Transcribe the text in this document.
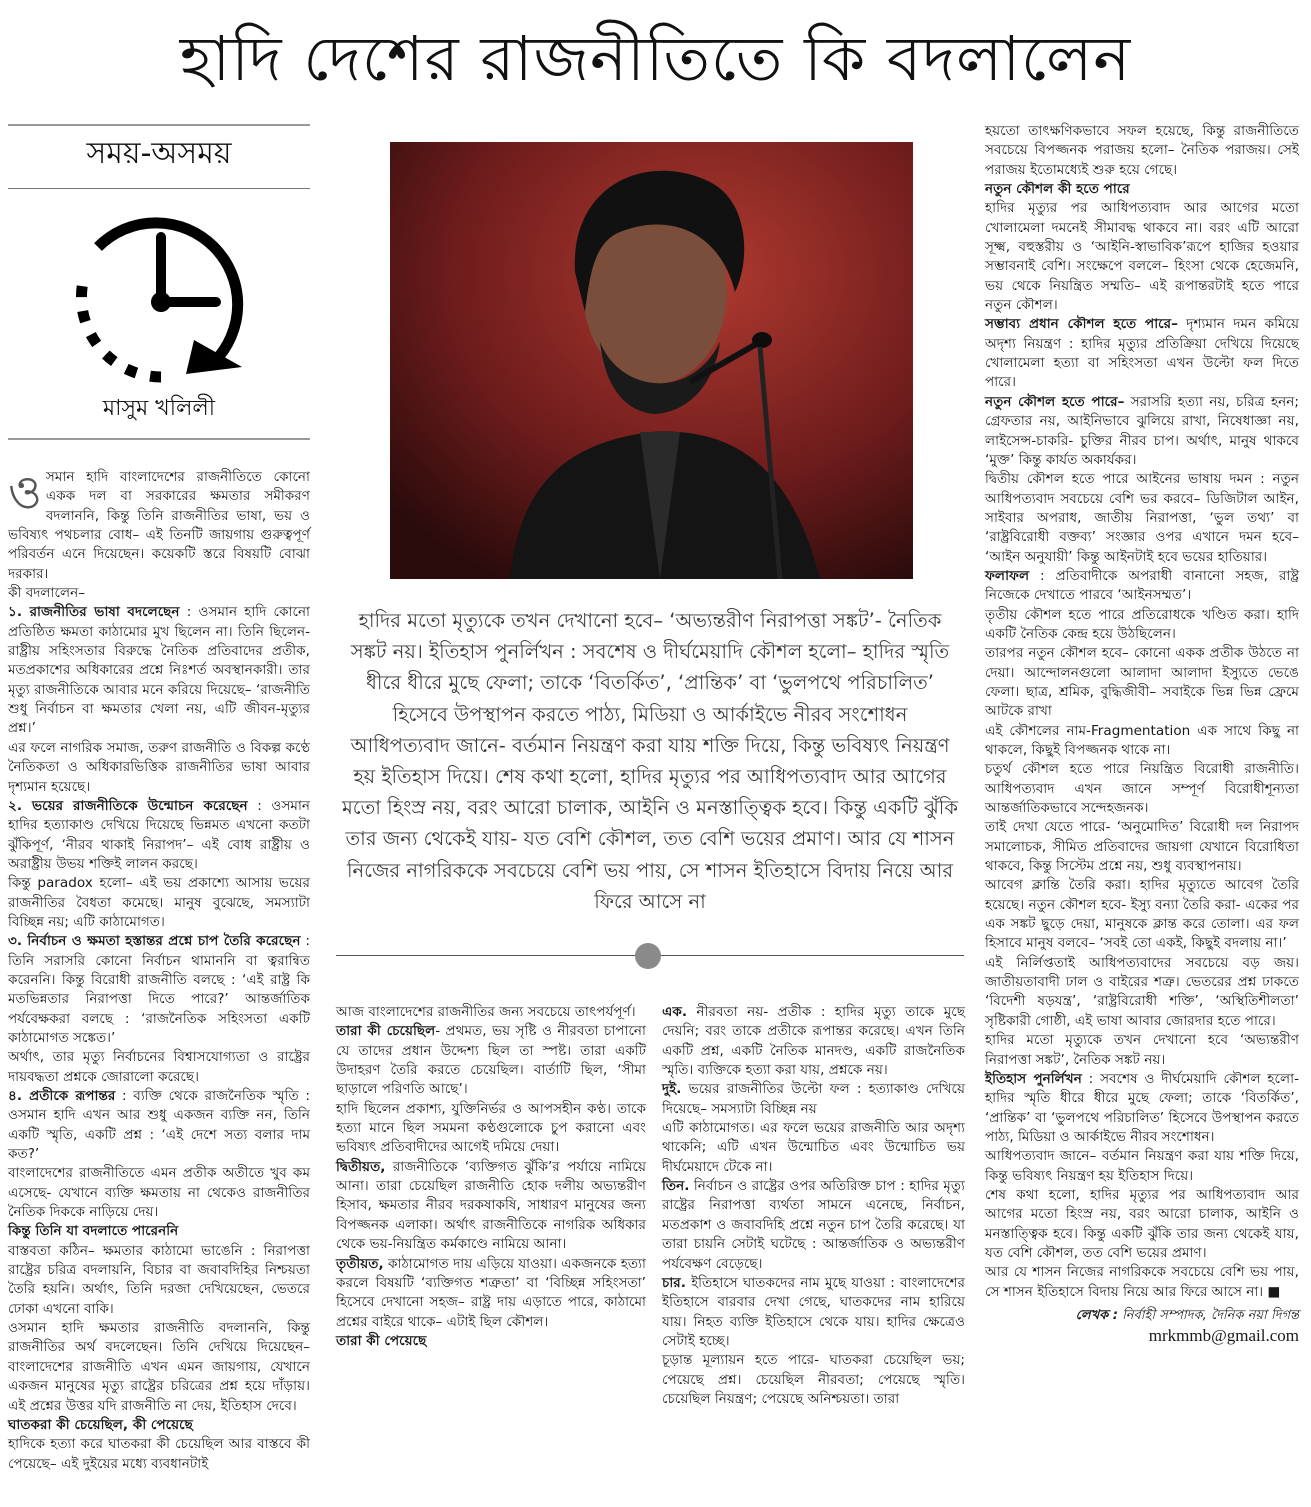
হাদি দেশের রাজনীতিতে কি বদলালেন
সময়-অসময়
মাসুম খলিলী

ওসমান হাদি বাংলাদেশের রাজনীতিতে কোনো একক দল বা সরকারের ক্ষমতার সমীকরণ বদলাননি, কিন্তু তিনি রাজনীতির ভাষা, ভয় ও ভবিষ্যৎ পথচলার বোধ– এই তিনটি জায়গায় গুরুত্বপূর্ণ পরিবর্তন এনে দিয়েছেন। কয়েকটি স্তরে বিষয়টি বোঝা দরকার।

কী বদলালেন–

১. রাজনীতির ভাষা বদলেছেন : ওসমান হাদি কোনো প্রতিষ্ঠিত ক্ষমতা কাঠামোর মুখ ছিলেন না। তিনি ছিলেন- রাষ্ট্রীয় সহিংসতার বিরুদ্ধে নৈতিক প্রতিবাদের প্রতীক, মতপ্রকাশের অধিকারের প্রশ্নে নিঃশর্ত অবস্থানকারী। তার মৃত্যু রাজনীতিকে আবার মনে করিয়ে দিয়েছে– ‘রাজনীতি শুধু নির্বাচন বা ক্ষমতার খেলা নয়, এটি জীবন-মৃত্যুর প্রশ্ন।’

এর ফলে নাগরিক সমাজ, তরুণ রাজনীতি ও বিকল্প কণ্ঠে নৈতিকতা ও অধিকারভিত্তিক রাজনীতির ভাষা আবার দৃশ্যমান হয়েছে।

২. ভয়ের রাজনীতিকে উন্মোচন করেছেন : ওসমান হাদির হত্যাকাণ্ড দেখিয়ে দিয়েছে ভিন্নমত এখনো কতটা ঝুঁকিপূর্ণ, ‘নীরব থাকাই নিরাপদ’– এই বোধ রাষ্ট্রীয় ও অরাষ্ট্রীয় উভয় শক্তিই লালন করছে।

কিন্তু paradox হলো– এই ভয় প্রকাশ্যে আসায় ভয়ের রাজনীতির বৈধতা কমেছে। মানুষ বুঝেছে, সমস্যাটা বিচ্ছিন্ন নয়; এটি কাঠামোগত।

৩. নির্বাচন ও ক্ষমতা হস্তান্তর প্রশ্নে চাপ তৈরি করেছেন : তিনি সরাসরি কোনো নির্বাচন থামাননি বা ত্বরান্বিত করেননি। কিন্তু বিরোধী রাজনীতি বলছে : ‘এই রাষ্ট্র কি মতভিন্নতার নিরাপত্তা দিতে পারে?’ আন্তর্জাতিক পর্যবেক্ষকরা বলছে : ‘রাজনৈতিক সহিংসতা একটি কাঠামোগত সঙ্কেত।’

অর্থাৎ, তার মৃত্যু নির্বাচনের বিশ্বাসযোগ্যতা ও রাষ্ট্রের দায়বদ্ধতা প্রশ্নকে জোরালো করেছে।

৪. প্রতীকে রূপান্তর : ব্যক্তি থেকে রাজনৈতিক স্মৃতি : ওসমান হাদি এখন আর শুধু একজন ব্যক্তি নন, তিনি একটি স্মৃতি, একটি প্রশ্ন : ‘এই দেশে সত্য বলার দাম কত?’

বাংলাদেশের রাজনীতিতে এমন প্রতীক অতীতে খুব কম এসেছে- যেখানে ব্যক্তি ক্ষমতায় না থেকেও রাজনীতির নৈতিক দিককে নাড়িয়ে দেয়।

কিন্তু তিনি যা বদলাতে পারেননি

বাস্তবতা কঠিন– ক্ষমতার কাঠামো ভাঙেনি : নিরাপত্তা রাষ্ট্রের চরিত্র বদলায়নি, বিচার বা জবাবদিহির নিশ্চয়তা তৈরি হয়নি। অর্থাৎ, তিনি দরজা দেখিয়েছেন, ভেতরে ঢোকা এখনো বাকি।

ওসমান হাদি ক্ষমতার রাজনীতি বদলাননি, কিন্তু রাজনীতির অর্থ বদলেছেন। তিনি দেখিয়ে দিয়েছেন– বাংলাদেশের রাজনীতি এখন এমন জায়গায়, যেখানে একজন মানুষের মৃত্যু রাষ্ট্রের চরিত্রের প্রশ্ন হয়ে দাঁড়ায়। এই প্রশ্নের উত্তর যদি রাজনীতি না দেয়, ইতিহাস দেবে।

ঘাতকরা কী চেয়েছিল, কী পেয়েছে

হাদিকে হত্যা করে ঘাতকরা কী চেয়েছিল আর বাস্তবে কী পেয়েছে– এই দুইয়ের মধ্যে ব্যবধানটাই

হাদির মতো মৃত্যুকে তখন দেখানো হবে– ‘অভ্যন্তরীণ নিরাপত্তা সঙ্কট’- নৈতিক সঙ্কট নয়। ইতিহাস পুনর্লিখন : সবশেষ ও দীর্ঘমেয়াদি কৌশল হলো– হাদির স্মৃতি ধীরে ধীরে মুছে ফেলা; তাকে ‘বিতর্কিত’, ‘প্রান্তিক’ বা ‘ভুলপথে পরিচালিত’ হিসেবে উপস্থাপন করতে পাঠ্য, মিডিয়া ও আর্কাইভে নীরব সংশোধন আধিপত্যবাদ জানে- বর্তমান নিয়ন্ত্রণ করা যায় শক্তি দিয়ে, কিন্তু ভবিষ্যৎ নিয়ন্ত্রণ হয় ইতিহাস দিয়ে। শেষ কথা হলো, হাদির মৃত্যুর পর আধিপত্যবাদ আর আগের মতো হিংস্র নয়, বরং আরো চালাক, আইনি ও মনস্তাত্ত্বিক হবে। কিন্তু একটি ঝুঁকি তার জন্য থেকেই যায়- যত বেশি কৌশল, তত বেশি ভয়ের প্রমাণ। আর যে শাসন নিজের নাগরিককে সবচেয়ে বেশি ভয় পায়, সে শাসন ইতিহাসে বিদায় নিয়ে আর ফিরে আসে না

আজ বাংলাদেশের রাজনীতির জন্য সবচেয়ে তাৎপর্যপূর্ণ।

তারা কী চেয়েছিল- প্রথমত, ভয় সৃষ্টি ও নীরবতা চাপানো যে তাদের প্রধান উদ্দেশ্য ছিল তা স্পষ্ট। তারা একটি উদাহরণ তৈরি করতে চেয়েছিল। বার্তাটি ছিল, ‘সীমা ছাড়ালে পরিণতি আছে’।

হাদি ছিলেন প্রকাশ্য, যুক্তিনির্ভর ও আপসহীন কণ্ঠ। তাকে হত্যা মানে ছিল সমমনা কণ্ঠগুলোকে চুপ করানো এবং ভবিষ্যৎ প্রতিবাদীদের আগেই দমিয়ে দেয়া।

দ্বিতীয়ত, রাজনীতিকে ‘ব্যক্তিগত ঝুঁকি’র পর্যায়ে নামিয়ে আনা। তারা চেয়েছিল রাজনীতি হোক দলীয় অভ্যন্তরীণ হিসাব, ক্ষমতার নীরব দরকষাকষি, সাধারণ মানুষের জন্য বিপজ্জনক এলাকা। অর্থাৎ রাজনীতিকে নাগরিক অধিকার থেকে ভয়-নিয়ন্ত্রিত কর্মকাণ্ডে নামিয়ে আনা।

তৃতীয়ত, কাঠামোগত দায় এড়িয়ে যাওয়া। একজনকে হত্যা করলে বিষয়টি ‘ব্যক্তিগত শত্রুতা’ বা ‘বিচ্ছিন্ন সহিংসতা’ হিসেবে দেখানো সহজ– রাষ্ট্র দায় এড়াতে পারে, কাঠামো প্রশ্নের বাইরে থাকে– এটাই ছিল কৌশল।

তারা কী পেয়েছে

এক. নীরবতা নয়- প্রতীক : হাদির মৃত্যু তাকে মুছে দেয়নি; বরং তাকে প্রতীকে রূপান্তর করেছে। এখন তিনি একটি প্রশ্ন, একটি নৈতিক মানদণ্ড, একটি রাজনৈতিক স্মৃতি। ব্যক্তিকে হত্যা করা যায়, প্রশ্নকে নয়।

দুই. ভয়ের রাজনীতির উল্টো ফল : হত্যাকাণ্ড দেখিয়ে দিয়েছে– সমস্যাটা বিচ্ছিন্ন নয়

এটি কাঠামোগত। এর ফলে ভয়ের রাজনীতি আর অদৃশ্য থাকেনি; এটি এখন উন্মোচিত এবং উন্মোচিত ভয় দীর্ঘমেয়াদে টেকে না।

তিন. নির্বাচন ও রাষ্ট্রের ওপর অতিরিক্ত চাপ : হাদির মৃত্যু রাষ্ট্রের নিরাপত্তা ব্যর্থতা সামনে এনেছে, নির্বাচন, মতপ্রকাশ ও জবাবদিহি প্রশ্নে নতুন চাপ তৈরি করেছে। যা তারা চায়নি সেটাই ঘটেছে : আন্তর্জাতিক ও অভ্যন্তরীণ পর্যবেক্ষণ বেড়েছে।

চার. ইতিহাসে ঘাতকদের নাম মুছে যাওয়া : বাংলাদেশের ইতিহাসে বারবার দেখা গেছে, ঘাতকদের নাম হারিয়ে যায়। নিহত ব্যক্তি ইতিহাসে থেকে যায়। হাদির ক্ষেত্রেও সেটাই হচ্ছে।

চূড়ান্ত মূল্যায়ন হতে পারে- ঘাতকরা চেয়েছিল ভয়; পেয়েছে প্রশ্ন। চেয়েছিল নীরবতা; পেয়েছে স্মৃতি। চেয়েছিল নিয়ন্ত্রণ; পেয়েছে অনিশ্চয়তা। তারা

হয়তো তাৎক্ষণিকভাবে সফল হয়েছে, কিন্তু রাজনীতিতে সবচেয়ে বিপজ্জনক পরাজয় হলো– নৈতিক পরাজয়। সেই পরাজয় ইতোমধ্যেই শুরু হয়ে গেছে।

নতুন কৌশল কী হতে পারে

হাদির মৃত্যুর পর আধিপত্যবাদ আর আগের মতো খোলামেলা দমনেই সীমাবদ্ধ থাকবে না। বরং এটি আরো সূক্ষ্ম, বহুস্তরীয় ও ‘আইনি-স্বাভাবিক’রূপে হাজির হওয়ার সম্ভাবনাই বেশি। সংক্ষেপে বললে– হিংসা থেকে হেজেমনি, ভয় থেকে নিয়ন্ত্রিত সম্মতি– এই রূপান্তরটাই হতে পারে নতুন কৌশল।

সম্ভাব্য প্রধান কৌশল হতে পারে– দৃশ্যমান দমন কমিয়ে অদৃশ্য নিয়ন্ত্রণ : হাদির মৃত্যুর প্রতিক্রিয়া দেখিয়ে দিয়েছে খোলামেলা হত্যা বা সহিংসতা এখন উল্টো ফল দিতে পারে।

নতুন কৌশল হতে পারে– সরাসরি হত্যা নয়, চরিত্র হনন; গ্রেফতার নয়, আইনিভাবে ঝুলিয়ে রাখা, নিষেধাজ্ঞা নয়, লাইসেন্স-চাকরি- চুক্তির নীরব চাপ। অর্থাৎ, মানুষ থাকবে ‘মুক্ত’ কিন্তু কার্যত অকার্যকর।

দ্বিতীয় কৌশল হতে পারে আইনের ভাষায় দমন : নতুন আধিপত্যবাদ সবচেয়ে বেশি ভর করবে– ডিজিটাল আইন, সাইবার অপরাধ, জাতীয় নিরাপত্তা, ‘ভুল তথ্য’ বা ‘রাষ্ট্রবিরোধী বক্তব্য’ সংজ্ঞার ওপর এখানে দমন হবে– ‘আইন অনুযায়ী’ কিন্তু আইনটাই হবে ভয়ের হাতিয়ার।

ফলাফল : প্রতিবাদীকে অপরাধী বানানো সহজ, রাষ্ট্র নিজেকে দেখাতে পারবে ‘আইনসম্মত’।

তৃতীয় কৌশল হতে পারে প্রতিরোধকে খণ্ডিত করা। হাদি একটি নৈতিক কেন্দ্র হয়ে উঠছিলেন।

তারপর নতুন কৌশল হবে– কোনো একক প্রতীক উঠতে না দেয়া। আন্দোলনগুলো আলাদা আলাদা ইস্যুতে ভেঙে ফেলা। ছাত্র, শ্রমিক, বুদ্ধিজীবী– সবাইকে ভিন্ন ভিন্ন ফ্রেমে আটকে রাখা

এই কৌশলের নাম-Fragmentation এক সাথে কিছু না থাকলে, কিছুই বিপজ্জনক থাকে না।

চতুর্থ কৌশল হতে পারে নিয়ন্ত্রিত বিরোধী রাজনীতি। আধিপত্যবাদ এখন জানে সম্পূর্ণ বিরোধীশূন্যতা আন্তর্জাতিকভাবে সন্দেহজনক।

তাই দেখা যেতে পারে- ‘অনুমোদিত’ বিরোধী দল নিরাপদ সমালোচক, সীমিত প্রতিবাদের জায়গা যেখানে বিরোধিতা থাকবে, কিন্তু সিস্টেম প্রশ্নে নয়, শুধু ব্যবস্থাপনায়।

আবেগ ক্লান্তি তৈরি করা। হাদির মৃত্যুতে আবেগ তৈরি হয়েছে। নতুন কৌশল হবে- ইস্যু বন্যা তৈরি করা- একের পর এক সঙ্কট ছুড়ে দেয়া, মানুষকে ক্লান্ত করে তোলা। এর ফল হিসাবে মানুষ বলবে– ‘সবই তো একই, কিছুই বদলায় না।’

এই নির্লিপ্ততাই আধিপত্যবাদের সবচেয়ে বড় জয়। জাতীয়তাবাদী ঢাল ও বাইরের শত্রু। ভেতরের প্রশ্ন ঢাকতে ‘বিদেশী ষড়যন্ত্র’, ‘রাষ্ট্রবিরোধী শক্তি’, ‘অস্থিতিশীলতা’ সৃষ্টিকারী গোষ্ঠী, এই ভাষা আবার জোরদার হতে পারে।

হাদির মতো মৃত্যুকে তখন দেখানো হবে ‘অভ্যন্তরীণ নিরাপত্তা সঙ্কট’, নৈতিক সঙ্কট নয়।

ইতিহাস পুনর্লিখন : সবশেষ ও দীর্ঘমেয়াদি কৌশল হলো- হাদির স্মৃতি ধীরে ধীরে মুছে ফেলা; তাকে ‘বিতর্কিত’, ‘প্রান্তিক’ বা ‘ভুলপথে পরিচালিত’ হিসেবে উপস্থাপন করতে পাঠ্য, মিডিয়া ও আর্কাইভে নীরব সংশোধন।

আধিপত্যবাদ জানে– বর্তমান নিয়ন্ত্রণ করা যায় শক্তি দিয়ে, কিন্তু ভবিষ্যৎ নিয়ন্ত্রণ হয় ইতিহাস দিয়ে।

শেষ কথা হলো, হাদির মৃত্যুর পর আধিপত্যবাদ আর আগের মতো হিংস্র নয়, বরং আরো চালাক, আইনি ও মনস্তাত্ত্বিক হবে। কিন্তু একটি ঝুঁকি তার জন্য থেকেই যায়, যত বেশি কৌশল, তত বেশি ভয়ের প্রমাণ।

আর যে শাসন নিজের নাগরিককে সবচেয়ে বেশি ভয় পায়, সে শাসন ইতিহাসে বিদায় নিয়ে আর ফিরে আসে না। ■

লেখক : নির্বাহী সম্পাদক, দৈনিক নয়া দিগন্ত
mrkmmb@gmail.com
